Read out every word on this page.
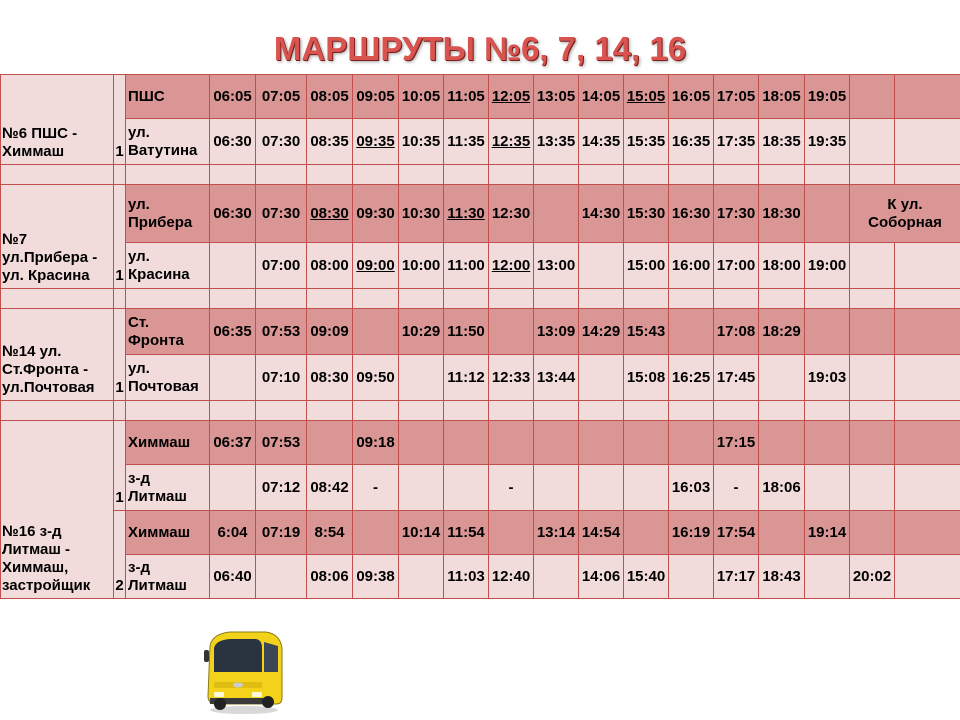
МАРШРУТЫ №6, 7, 14, 16
№6 ПШС - Химмаш	1	ПШС	06:05	07:05	08:05	09:05	10:05	11:05	12:05	13:05	14:05	15:05	16:05	17:05	18:05	19:05		
		ул. Ватутина	06:30	07:30	08:35	09:35	10:35	11:35	12:35	13:35	14:35	15:35	16:35	17:35	18:35	19:35		

№7 ул.Прибера - ул. Красина	1	ул. Прибера	06:30	07:30	08:30	09:30	10:30	11:30	12:30		14:30	15:30	16:30	17:30	18:30		К ул. Соборная	
		ул. Красина		07:00	08:00	09:00	10:00	11:00	12:00	13:00		15:00	16:00	17:00	18:00	19:00		

№14 ул. Ст.Фронта - ул.Почтовая	1	Ст. Фронта	06:35	07:53	09:09		10:29	11:50		13:09	14:29	15:43		17:08	18:29			
		ул. Почтовая		07:10	08:30	09:50		11:12	12:33	13:44		15:08	16:25	17:45		19:03		

№16 з-д Литмаш - Химмаш, застройщик	1	Химмаш	06:37	07:53		09:18								17:15				
		з-д Литмаш		07:12	08:42	-			-				16:03	-	18:06			
	2	Химмаш	6:04	07:19	8:54		10:14	11:54		13:14	14:54		16:19	17:54		19:14		
		з-д Литмаш	06:40		08:06	09:38		11:03	12:40		14:06	15:40		17:17	18:43		20:02	
